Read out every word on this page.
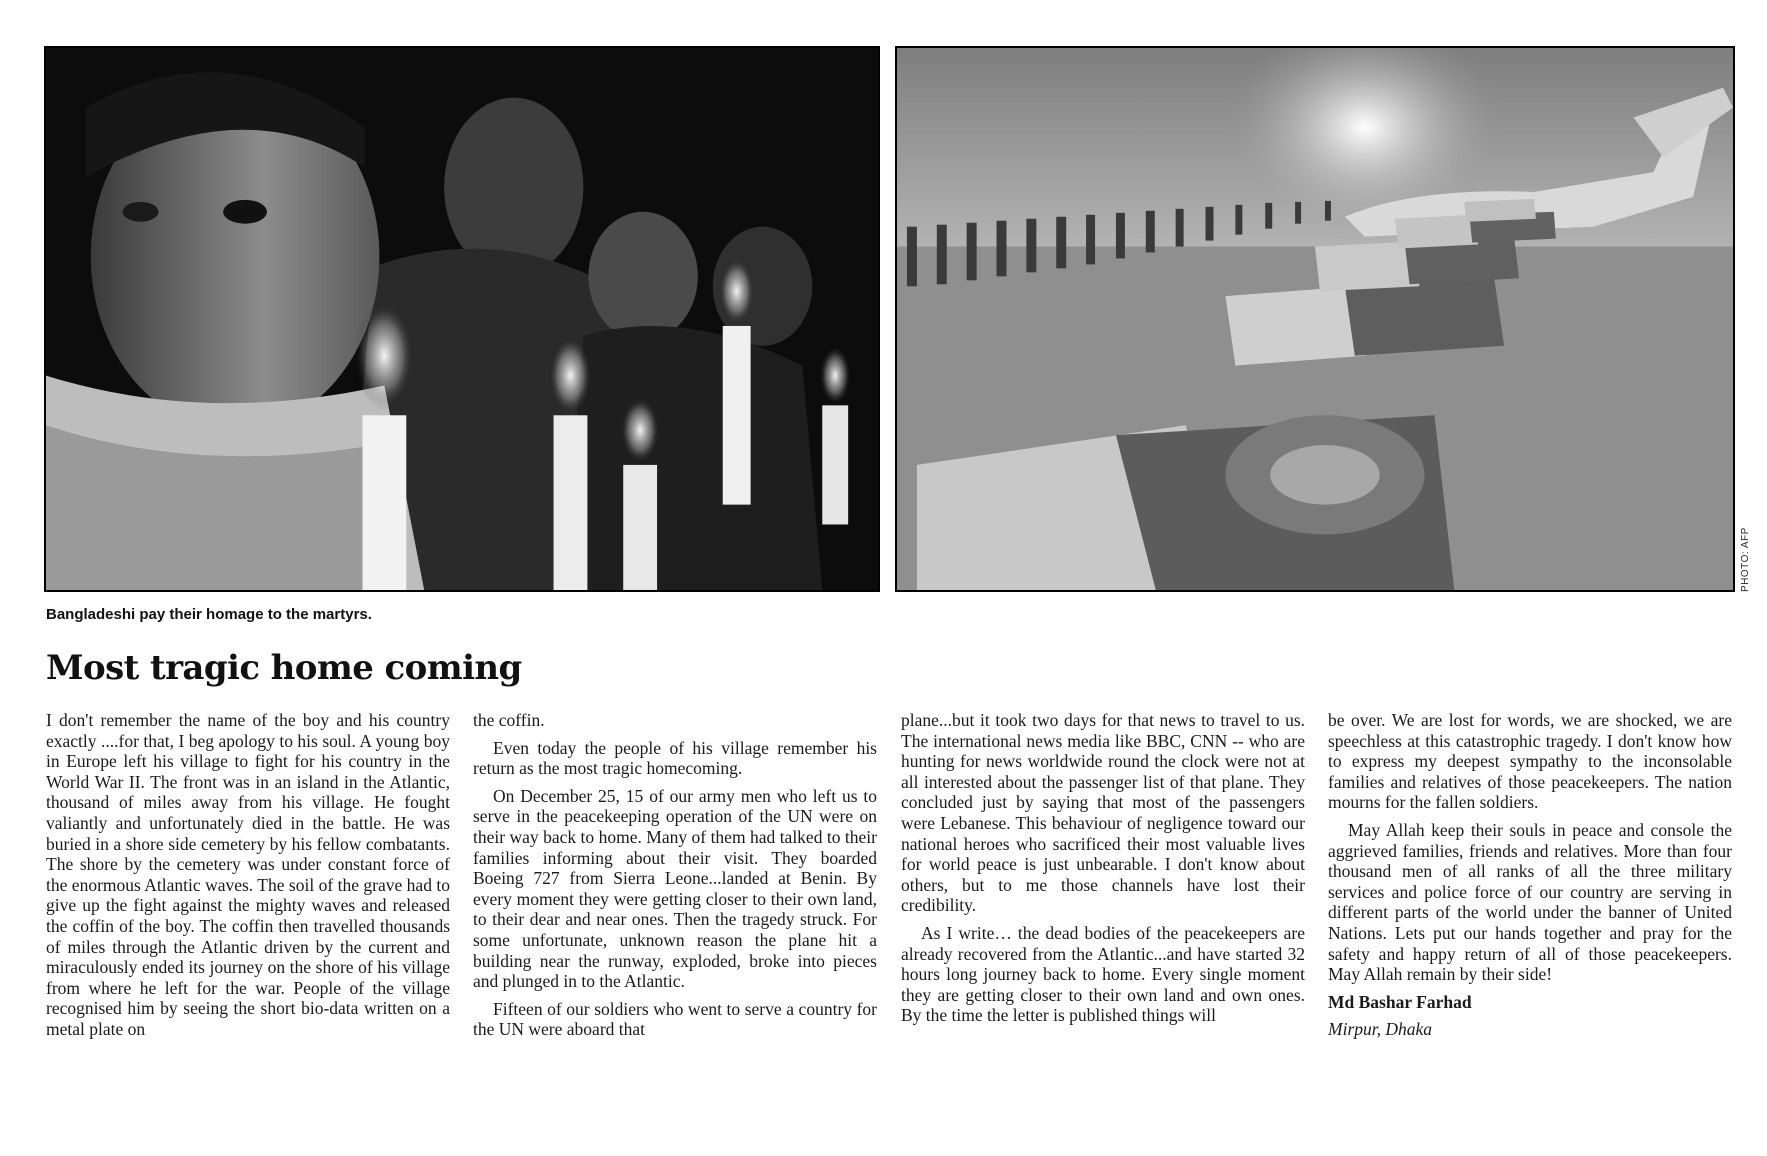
PHOTO: AFP
Bangladeshi pay their homage to the martyrs.
Most tragic home coming

I don't remember the name of the boy and his country exactly ....for that, I beg apology to his soul. A young boy in Europe left his village to fight for his country in the World War II. The front was in an island in the Atlantic, thousand of miles away from his village. He fought valiantly and unfortunately died in the battle. He was buried in a shore side cemetery by his fellow combatants. The shore by the cemetery was under constant force of the enormous Atlantic waves. The soil of the grave had to give up the fight against the mighty waves and released the coffin of the boy. The coffin then travelled thousands of miles through the Atlantic driven by the current and miraculously ended its journey on the shore of his village from where he left for the war. People of the village recognised him by seeing the short bio-data written on a metal plate on

the coffin.

Even today the people of his village remember his return as the most tragic homecoming.

On December 25, 15 of our army men who left us to serve in the peacekeeping operation of the UN were on their way back to home. Many of them had talked to their families informing about their visit. They boarded Boeing 727 from Sierra Leone...landed at Benin. By every moment they were getting closer to their own land, to their dear and near ones. Then the tragedy struck. For some unfortunate, unknown reason the plane hit a building near the runway, exploded, broke into pieces and plunged in to the Atlantic.

Fifteen of our soldiers who went to serve a country for the UN were aboard that

plane...but it took two days for that news to travel to us. The international news media like BBC, CNN -- who are hunting for news worldwide round the clock were not at all interested about the passenger list of that plane. They concluded just by saying that most of the passengers were Lebanese. This behaviour of negligence toward our national heroes who sacrificed their most valuable lives for world peace is just unbearable. I don't know about others, but to me those channels have lost their credibility.

As I write… the dead bodies of the peacekeepers are already recovered from the Atlantic...and have started 32 hours long journey back to home. Every single moment they are getting closer to their own land and own ones. By the time the letter is published things will

be over. We are lost for words, we are shocked, we are speechless at this catastrophic tragedy. I don't know how to express my deepest sympathy to the inconsolable families and relatives of those peacekeepers. The nation mourns for the fallen soldiers.

May Allah keep their souls in peace and console the aggrieved families, friends and relatives. More than four thousand men of all ranks of all the three military services and police force of our country are serving in different parts of the world under the banner of United Nations. Lets put our hands together and pray for the safety and happy return of all of those peacekeepers. May Allah remain by their side!

Md Bashar Farhad

Mirpur, Dhaka
